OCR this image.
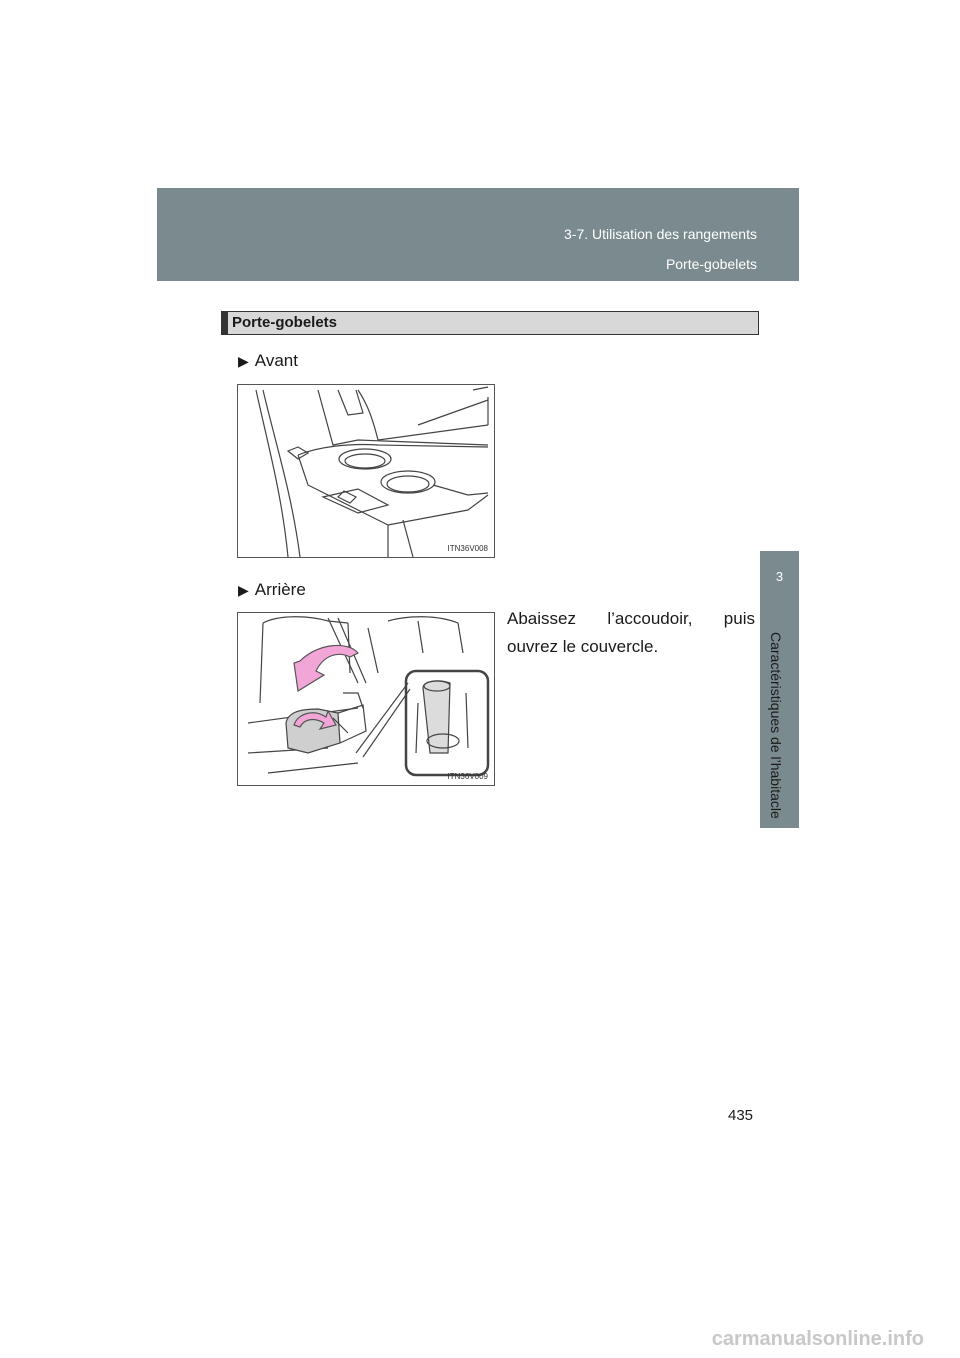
3-7. Utilisation des rangements
Porte-gobelets
3
Caractéristiques de l’habitacle
Porte-gobelets
▶ Avant
ITN36V008
▶ Arrière
ITN36V009
Abaissez l’accoudoir, puis ouvrez le couvercle.
435
carmanualsonline.info
